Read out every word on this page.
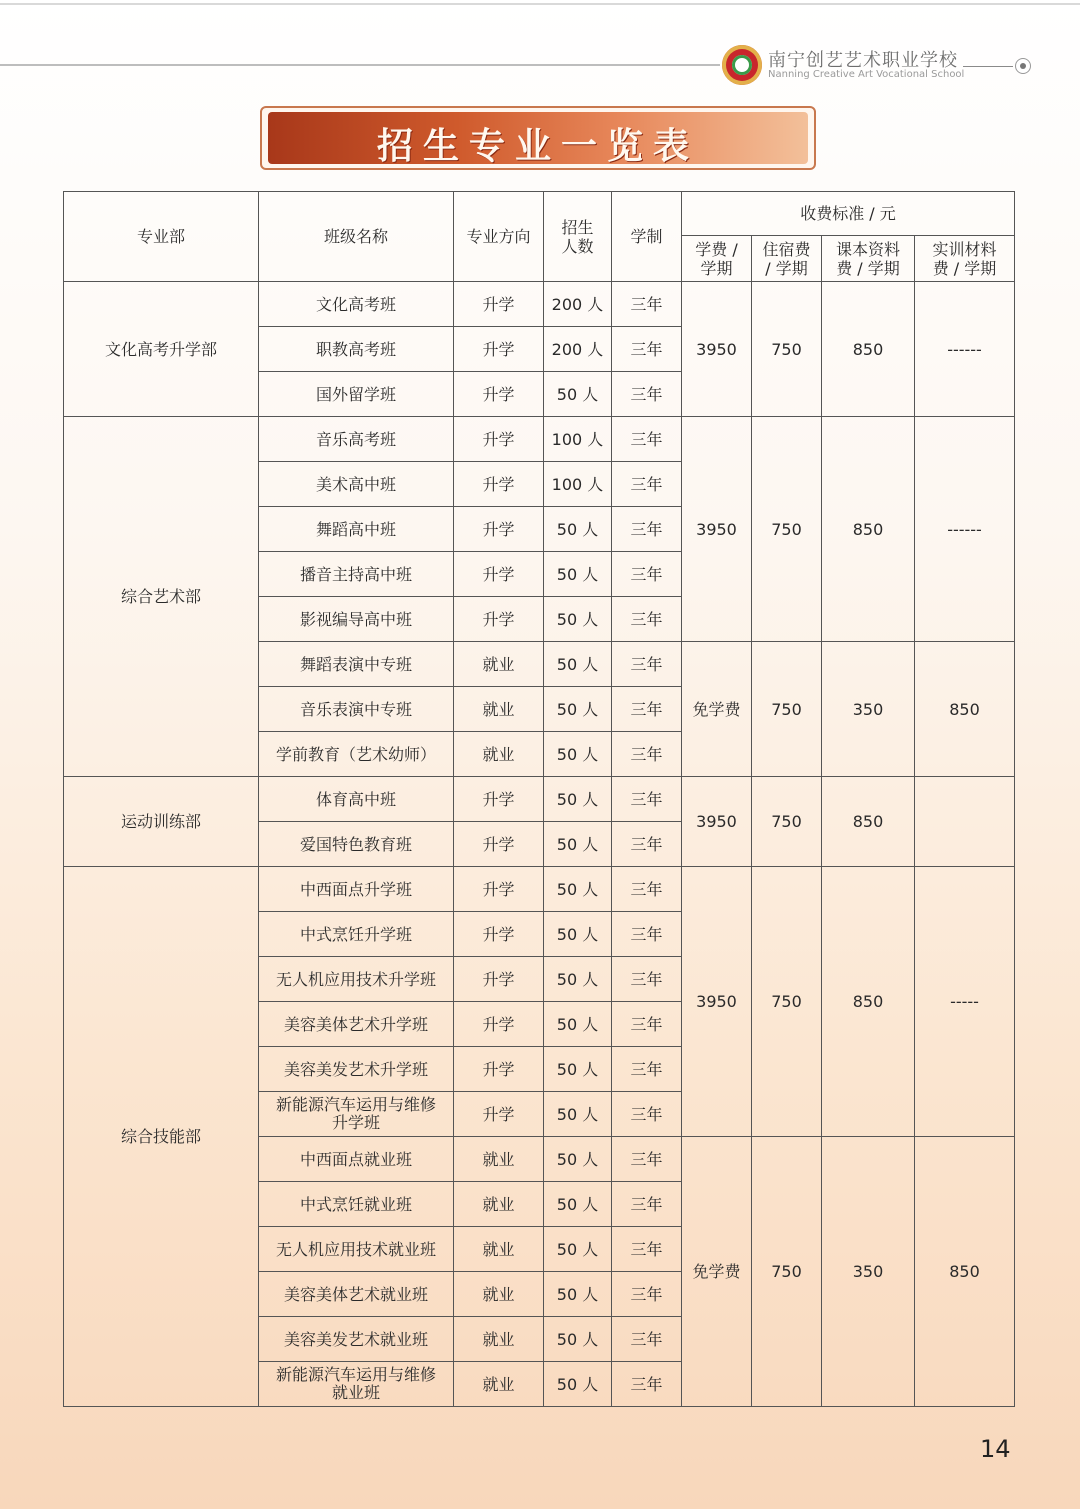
南宁创艺艺术职业学校
Nanning Creative Art Vocational School
招生专业一览表
专业部	班级名称	专业方向	招生人数	学制	收费标准 / 元			
					学费 / 学期	住宿费 / 学期	课本资料费 / 学期	实训材料费 / 学期
文化高考升学部	文化高考班	升学	200 人	三年	3950	750	850	------
	职教高考班	升学	200 人	三年				
	国外留学班	升学	50 人	三年				
综合艺术部	音乐高考班	升学	100 人	三年	3950	750	850	------
	美术高中班	升学	100 人	三年				
	舞蹈高中班	升学	50 人	三年				
	播音主持高中班	升学	50 人	三年				
	影视编导高中班	升学	50 人	三年				
	舞蹈表演中专班	就业	50 人	三年	免学费	750	350	850
	音乐表演中专班	就业	50 人	三年				
	学前教育（艺术幼师）	就业	50 人	三年				
运动训练部	体育高中班	升学	50 人	三年	3950	750	850	
	爱国特色教育班	升学	50 人	三年				
综合技能部	中西面点升学班	升学	50 人	三年	3950	750	850	-----
	中式烹饪升学班	升学	50 人	三年				
	无人机应用技术升学班	升学	50 人	三年				
	美容美体艺术升学班	升学	50 人	三年				
	美容美发艺术升学班	升学	50 人	三年				
	新能源汽车运用与维修升学班	升学	50 人	三年				
	中西面点就业班	就业	50 人	三年	免学费	750	350	850
	中式烹饪就业班	就业	50 人	三年				
	无人机应用技术就业班	就业	50 人	三年				
	美容美体艺术就业班	就业	50 人	三年				
	美容美发艺术就业班	就业	50 人	三年				
	新能源汽车运用与维修就业班	就业	50 人	三年				
14
